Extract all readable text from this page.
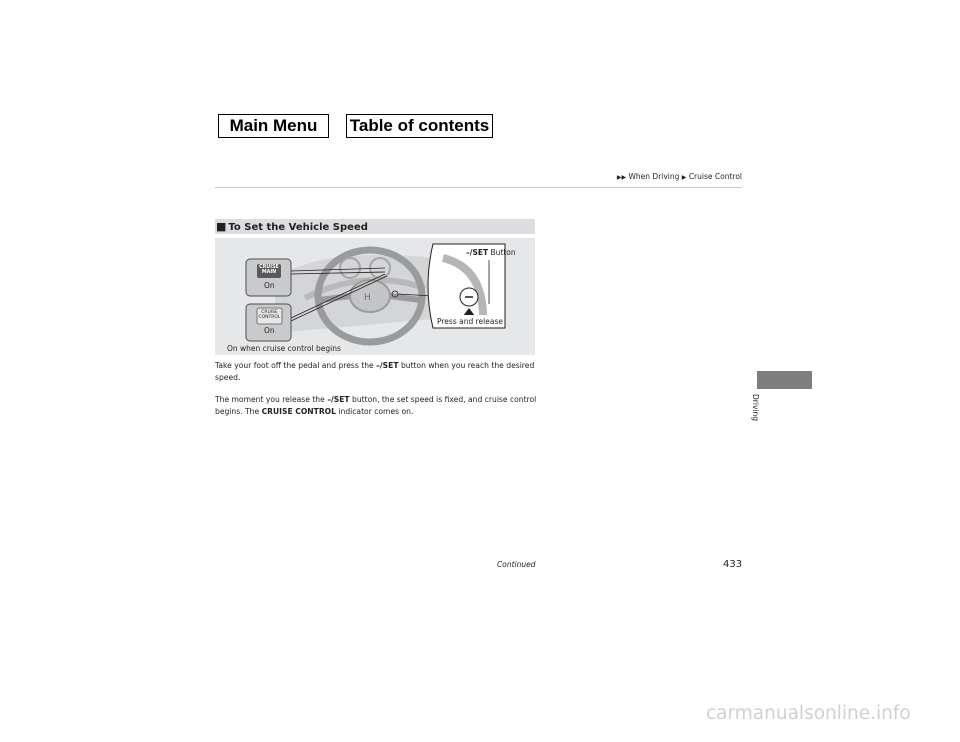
Main Menu	Table of contents
▶▶ When Driving ▶ Cruise Control
■ To Set the Vehicle Speed
H
–/SET Button
CRUISE MAIN
On
CRUISE CONTROL
On
Press and release
On when cruise control begins
Take your foot off the pedal and press the –/SET button when you reach the desired speed.
The moment you release the –/SET button, the set speed is fixed, and cruise control begins. The CRUISE CONTROL indicator comes on.	Driving
Continued	433
carmanualsonline.info
